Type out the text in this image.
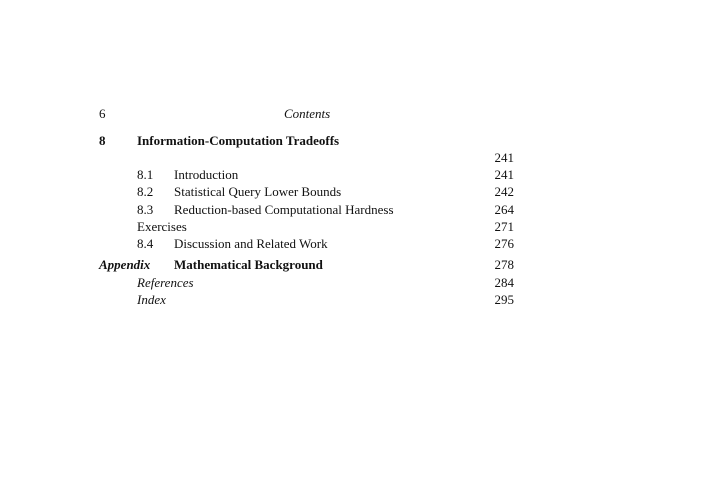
6	Contents
8 Information-Computation Tradeoffs
241
8.1 Introduction	241
8.2 Statistical Query Lower Bounds	242
8.3 Reduction-based Computational Hardness	264
Exercises	271
8.4 Discussion and Related Work	276
Appendix Mathematical Background	278
References	284
Index	295
